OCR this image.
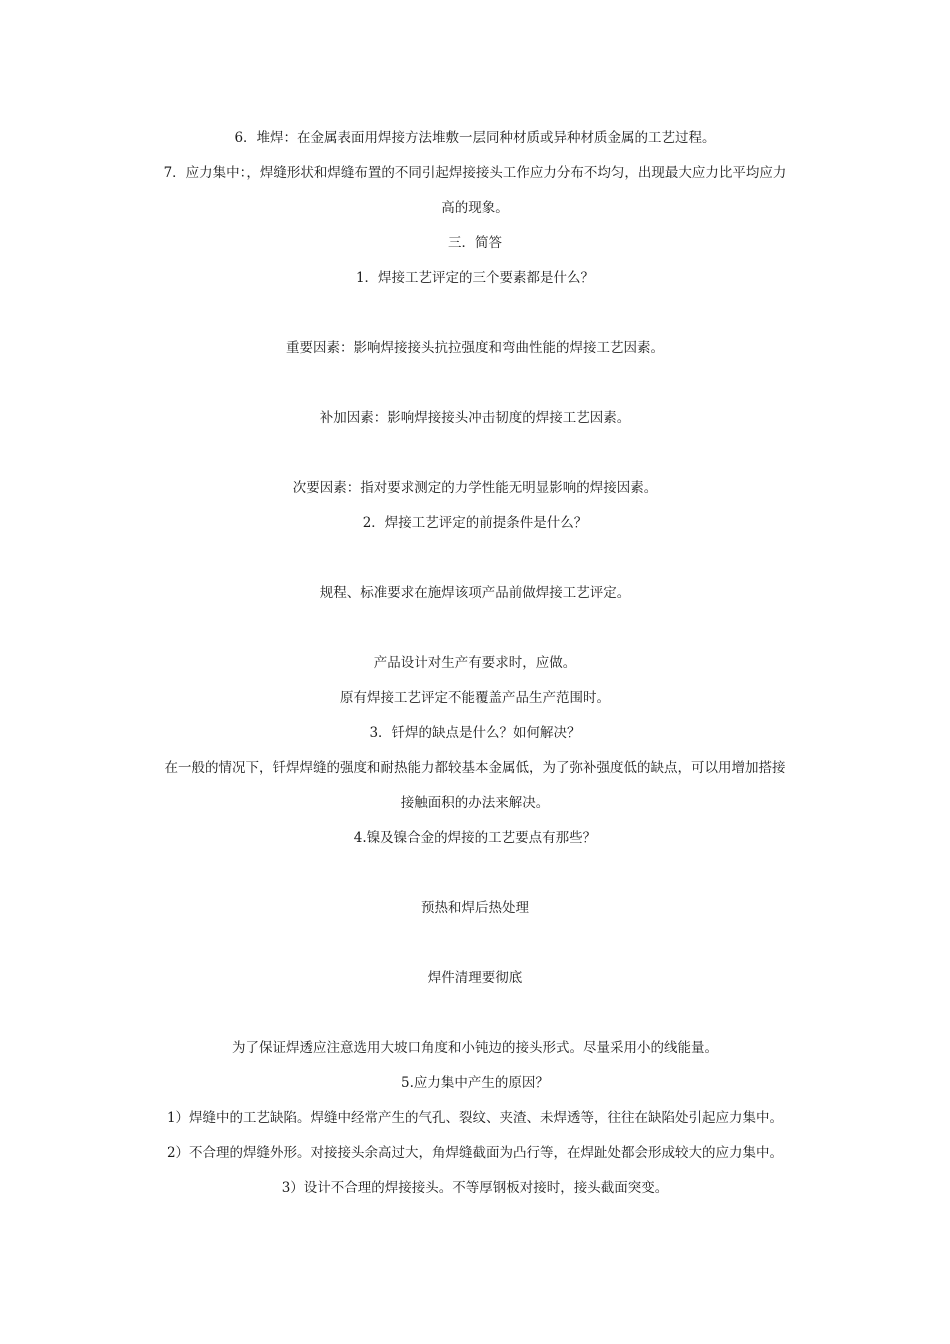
6．堆焊：在金属表面用焊接方法堆敷一层同种材质或异种材质金属的工艺过程。
7．应力集中：，焊缝形状和焊缝布置的不同引起焊接接头工作应力分布不均匀，出现最大应力比平均应力
高的现象。
三．简答
1．焊接工艺评定的三个要素都是什么？
重要因素：影响焊接接头抗拉强度和弯曲性能的焊接工艺因素。
补加因素：影响焊接接头冲击韧度的焊接工艺因素。
次要因素：指对要求测定的力学性能无明显影响的焊接因素。
2．焊接工艺评定的前提条件是什么？
规程、标准要求在施焊该项产品前做焊接工艺评定。
产品设计对生产有要求时，应做。
原有焊接工艺评定不能覆盖产品生产范围时。
3．钎焊的缺点是什么？如何解决？
在一般的情况下，钎焊焊缝的强度和耐热能力都较基本金属低，为了弥补强度低的缺点，可以用增加搭接
接触面积的办法来解决。
4.镍及镍合金的焊接的工艺要点有那些？
预热和焊后热处理
焊件清理要彻底
为了保证焊透应注意选用大坡口角度和小钝边的接头形式。尽量采用小的线能量。
5.应力集中产生的原因？
1）焊缝中的工艺缺陷。焊缝中经常产生的气孔、裂纹、夹渣、未焊透等，往往在缺陷处引起应力集中。
2）不合理的焊缝外形。对接接头余高过大，角焊缝截面为凸行等，在焊趾处都会形成较大的应力集中。
3）设计不合理的焊接接头。不等厚钢板对接时，接头截面突变。
